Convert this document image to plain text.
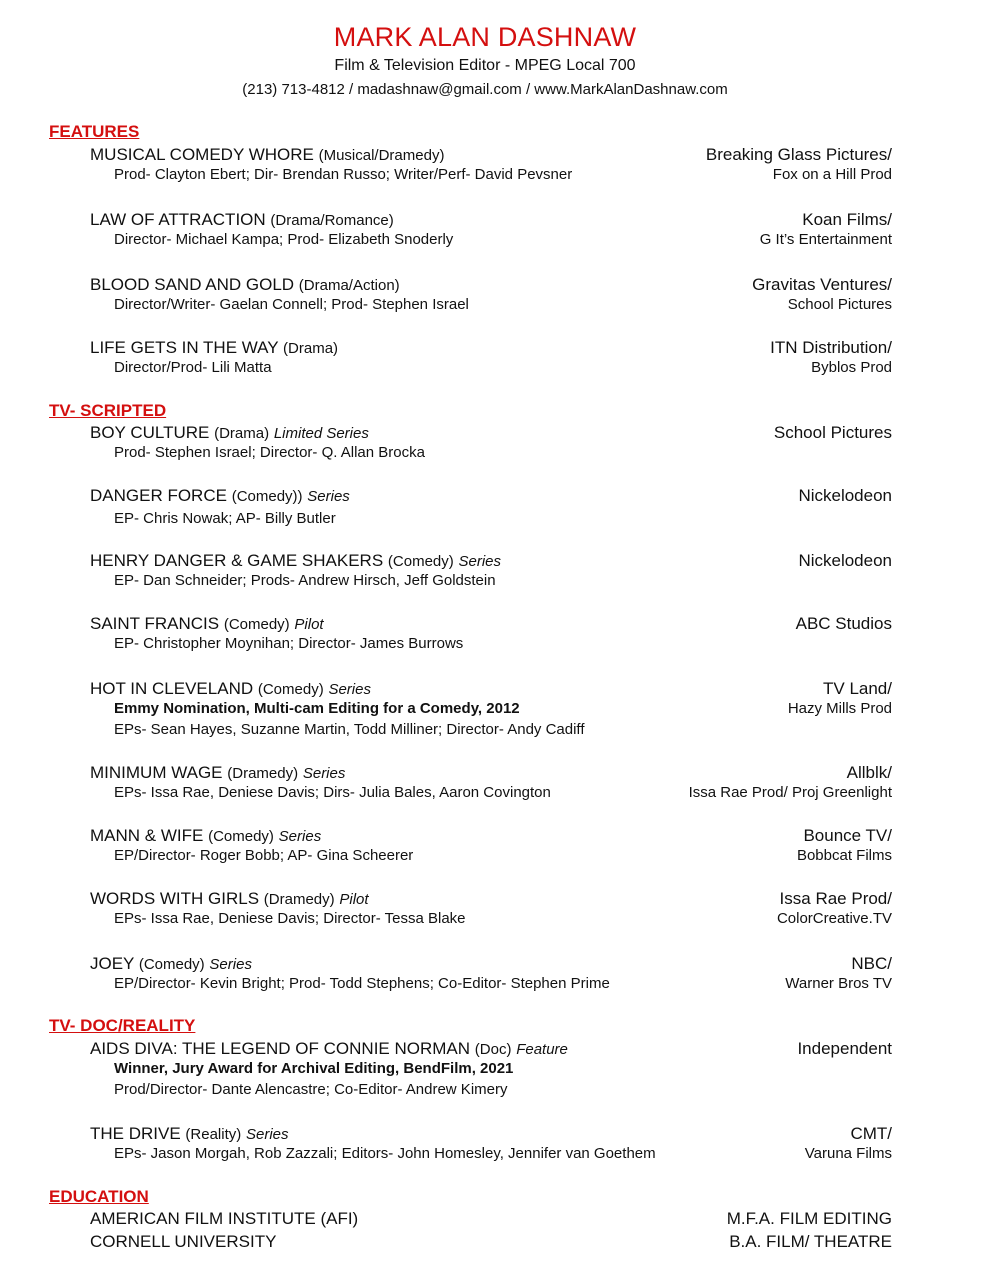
MARK ALAN DASHNAW
Film & Television Editor - MPEG Local 700
(213) 713-4812 / madashnaw@gmail.com / www.MarkAlanDashnaw.com
FEATURES
MUSICAL COMEDY WHORE (Musical/Dramedy)	Breaking Glass Pictures/
Prod- Clayton Ebert; Dir- Brendan Russo; Writer/Perf- David Pevsner	Fox on a Hill Prod
LAW OF ATTRACTION (Drama/Romance)	Koan Films/
Director- Michael Kampa; Prod- Elizabeth Snoderly	G It’s Entertainment
BLOOD SAND AND GOLD (Drama/Action)	Gravitas Ventures/
Director/Writer- Gaelan Connell; Prod- Stephen Israel	School Pictures
LIFE GETS IN THE WAY (Drama)	ITN Distribution/
Director/Prod- Lili Matta	Byblos Prod
TV- SCRIPTED
BOY CULTURE (Drama) Limited Series	School Pictures
Prod- Stephen Israel; Director- Q. Allan Brocka
DANGER FORCE (Comedy)) Series	Nickelodeon
EP- Chris Nowak; AP- Billy Butler
HENRY DANGER & GAME SHAKERS (Comedy) Series	Nickelodeon
EP- Dan Schneider; Prods- Andrew Hirsch, Jeff Goldstein
SAINT FRANCIS (Comedy) Pilot	ABC Studios
EP- Christopher Moynihan; Director- James Burrows
HOT IN CLEVELAND (Comedy) Series	TV Land/
Emmy Nomination, Multi-cam Editing for a Comedy, 2012	Hazy Mills Prod
EPs- Sean Hayes, Suzanne Martin, Todd Milliner; Director- Andy Cadiff
MINIMUM WAGE (Dramedy) Series	Allblk/
EPs- Issa Rae, Deniese Davis; Dirs- Julia Bales, Aaron Covington	Issa Rae Prod/ Proj Greenlight
MANN & WIFE (Comedy) Series	Bounce TV/
EP/Director- Roger Bobb; AP- Gina Scheerer	Bobbcat Films
WORDS WITH GIRLS (Dramedy) Pilot	Issa Rae Prod/
EPs- Issa Rae, Deniese Davis; Director- Tessa Blake	ColorCreative.TV
JOEY (Comedy) Series	NBC/
EP/Director- Kevin Bright; Prod- Todd Stephens; Co-Editor- Stephen Prime	Warner Bros TV
TV- DOC/REALITY
AIDS DIVA: THE LEGEND OF CONNIE NORMAN (Doc) Feature	Independent
Winner, Jury Award for Archival Editing, BendFilm, 2021
Prod/Director- Dante Alencastre; Co-Editor- Andrew Kimery
THE DRIVE (Reality) Series	CMT/
EPs- Jason Morgah, Rob Zazzali; Editors- John Homesley, Jennifer van Goethem	Varuna Films
EDUCATION
AMERICAN FILM INSTITUTE (AFI)	M.F.A. FILM EDITING
CORNELL UNIVERSITY	B.A. FILM/ THEATRE
